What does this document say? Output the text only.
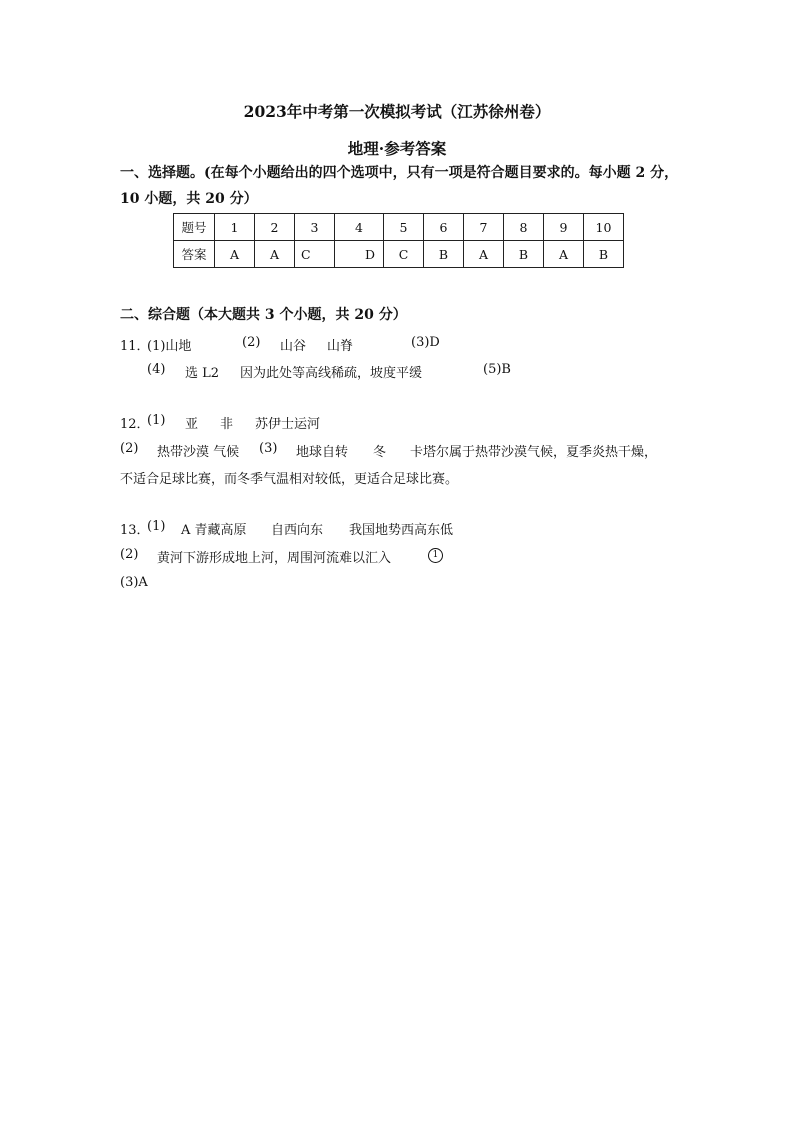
2023年中考第一次模拟考试（江苏徐州卷）
地理·参考答案
一、选择题。(在每个小题给出的四个选项中，只有一项是符合题目要求的。每小题 2 分，
10 小题，共 20 分）
题号	1	2	3	4	5	6	7	8	9	10
答案	A	A	C	D	C	B	A	B	A	B
二、综合题（本大题共 3 个小题，共 20 分）
11．
(1)山地	(2) 山谷 山脊	(3)D
(4) 选 L2 因为此处等高线稀疏，坡度平缓	(5)B
12．
(1) 亚 非 苏伊士运河
(2) 热带沙漠 气候 (3) 地球自转 冬 卡塔尔属于热带沙漠气候，夏季炎热干燥，
不适合足球比赛，而冬季气温相对较低，更适合足球比赛。
13．
(1) A 青藏高原 自西向东 我国地势西高东低
(2) 黄河下游形成地上河，周围河流难以汇入	1
(3)A
